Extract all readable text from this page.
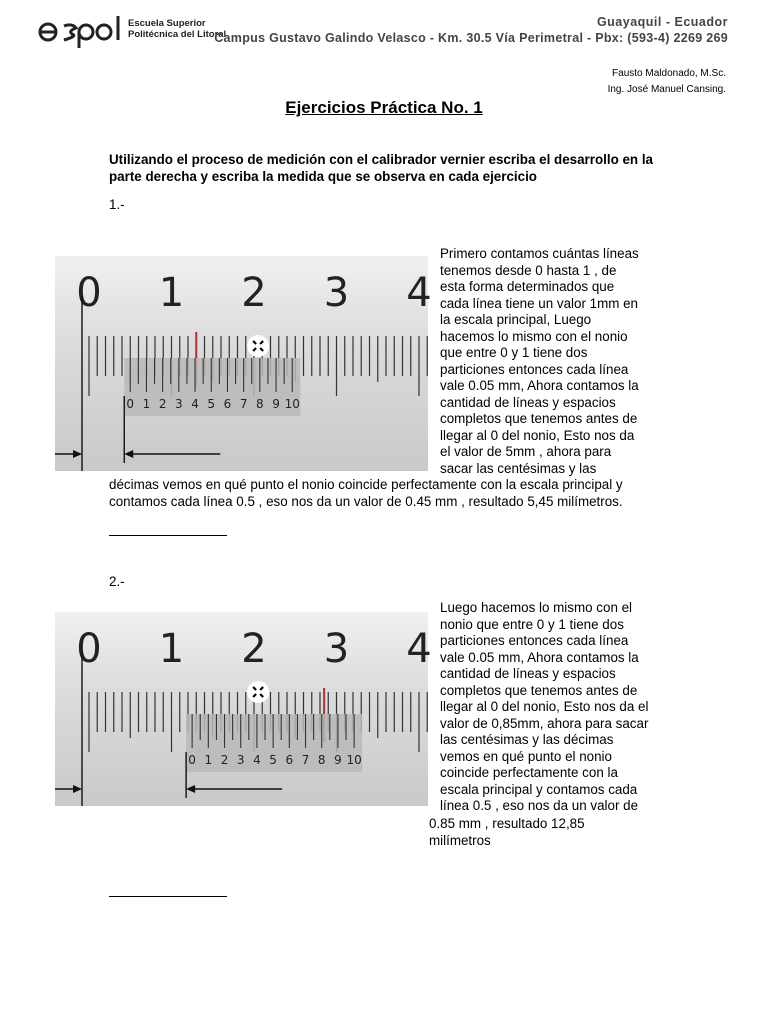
Escuela Superior
Politécnica del Litoral
Guayaquil - Ecuador
Campus Gustavo Galindo Velasco - Km. 30.5 Vía Perimetral - Pbx: (593-4) 2269 269
Fausto Maldonado, M.Sc.
Ing. José Manuel Cansing.
Ejercicios Práctica No. 1
Utilizando el proceso de medición con el calibrador vernier escriba el desarrollo en la parte derecha y escriba la medida que se observa en cada ejercicio
1.-
0 1 2 3 4
0 1 2 3 4 5 6 7 8 9 10
Primero contamos cuántas líneas
tenemos desde 0 hasta 1 , de
esta forma determinados que
cada línea tiene un valor 1mm en
la escala principal, Luego
hacemos lo mismo con el nonio
que entre 0 y 1 tiene dos
particiones entonces cada línea
vale 0.05 mm, Ahora contamos la
cantidad de líneas y espacios
completos que tenemos antes de
llegar al 0 del nonio, Esto nos da
el valor de 5mm , ahora para
sacar las centésimas y las
décimas vemos en qué punto el nonio coincide perfectamente con la escala principal y
contamos cada línea 0.5 , eso nos da un valor de 0.45 mm , resultado 5,45 milímetros.
2.-
0 1 2 3 4
0 1 2 3 4 5 6 7 8 9 10
Luego hacemos lo mismo con el
nonio que entre 0 y 1 tiene dos
particiones entonces cada línea
vale 0.05 mm, Ahora contamos la
cantidad de líneas y espacios
completos que tenemos antes de
llegar al 0 del nonio, Esto nos da el
valor de 0,85mm, ahora para sacar
las centésimas y las décimas
vemos en qué punto el nonio
coincide perfectamente con la
escala principal y contamos cada
línea 0.5 , eso nos da un valor de
0.85 mm , resultado 12,85
milímetros
